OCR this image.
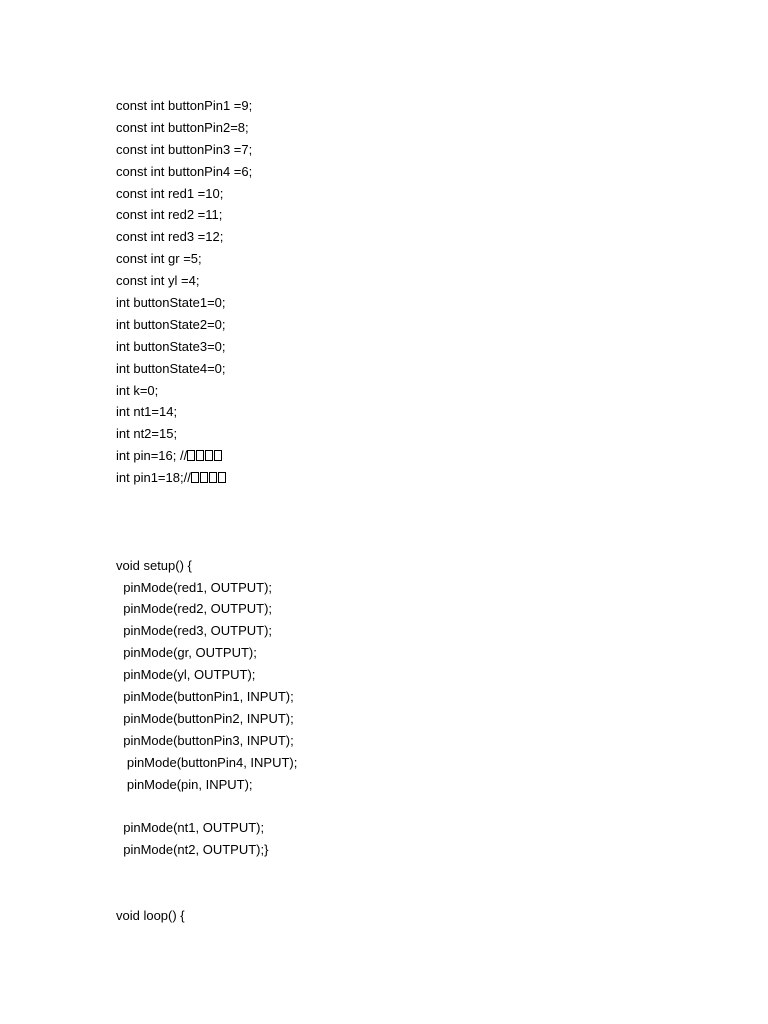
const int buttonPin1 =9;
const int buttonPin2=8;
const int buttonPin3 =7;
const int buttonPin4 =6;
const int red1 =10;
const int red2 =11;
const int red3 =12;
const int gr =5;
const int yl =4;
int buttonState1=0;
int buttonState2=0;
int buttonState3=0;
int buttonState4=0;
int k=0;
int nt1=14;
int nt2=15;
int pin=16; //
int pin1=18;//
void setup() {
pinMode(red1, OUTPUT);
pinMode(red2, OUTPUT);
pinMode(red3, OUTPUT);
pinMode(gr, OUTPUT);
pinMode(yl, OUTPUT);
pinMode(buttonPin1, INPUT);
pinMode(buttonPin2, INPUT);
pinMode(buttonPin3, INPUT);
pinMode(buttonPin4, INPUT);
pinMode(pin, INPUT);
pinMode(nt1, OUTPUT);
pinMode(nt2, OUTPUT);}
void loop() {
